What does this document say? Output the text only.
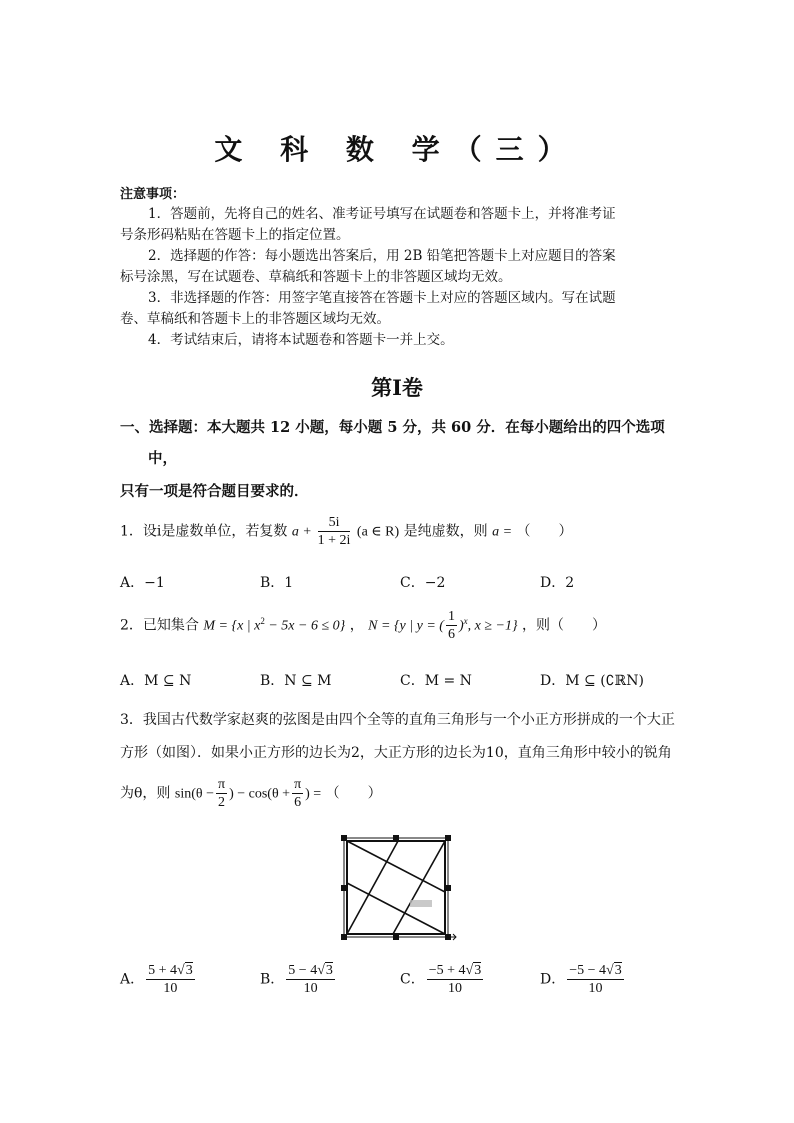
文 科 数 学（三）
注意事项：
1．答题前，先将自己的姓名、准考证号填写在试题卷和答题卡上，并将准考证
号条形码粘贴在答题卡上的指定位置。
2．选择题的作答：每小题选出答案后，用 2B 铅笔把答题卡上对应题目的答案
标号涂黑，写在试题卷、草稿纸和答题卡上的非答题区域均无效。
3．非选择题的作答：用签字笔直接答在答题卡上对应的答题区域内。写在试题
卷、草稿纸和答题卡上的非答题区域均无效。
4．考试结束后，请将本试题卷和答题卡一并上交。
第Ⅰ卷
一、选择题：本大题共 12 小题，每小题 5 分，共 60 分．在每小题给出的四个选项
中，
只有一项是符合题目要求的．
1．设i是虚数单位，若复数 $a + \frac{5i}{1 + 2i} (a$ ∈ R) 是纯虚数，则 a = （　　）
A．−1	B．1	C．−2	D．2
2．已知集合 M = {x | $x^2 - 5x - 6 \le 0$} ， N = {y | y = ( $\frac{1}{6} )^x$, x ≥ −1} ，则（　　）
A．M ⊆ N	B．N ⊆ M	C．M = N	D．M ⊆ (∁ℝN)
3．我国古代数学家赵爽的弦图是由四个全等的直角三角形与一个小正方形拼成的一个大正
方形（如图）．如果小正方形的边长为2，大正方形的边长为10，直角三角形中较小的锐角
为θ，则 $\sin(\theta - \frac{\pi}{2}$ ) − $\cos(\theta + \frac{\pi}{6}$ ) = （　　）
A． $\frac{5 + 4√3}{10}$	B． $\frac{5 - 4√3}{10}$	C． $\frac{-5 + 4√3}{10}$	D． $\frac{-5 - 4√3}{10}$
